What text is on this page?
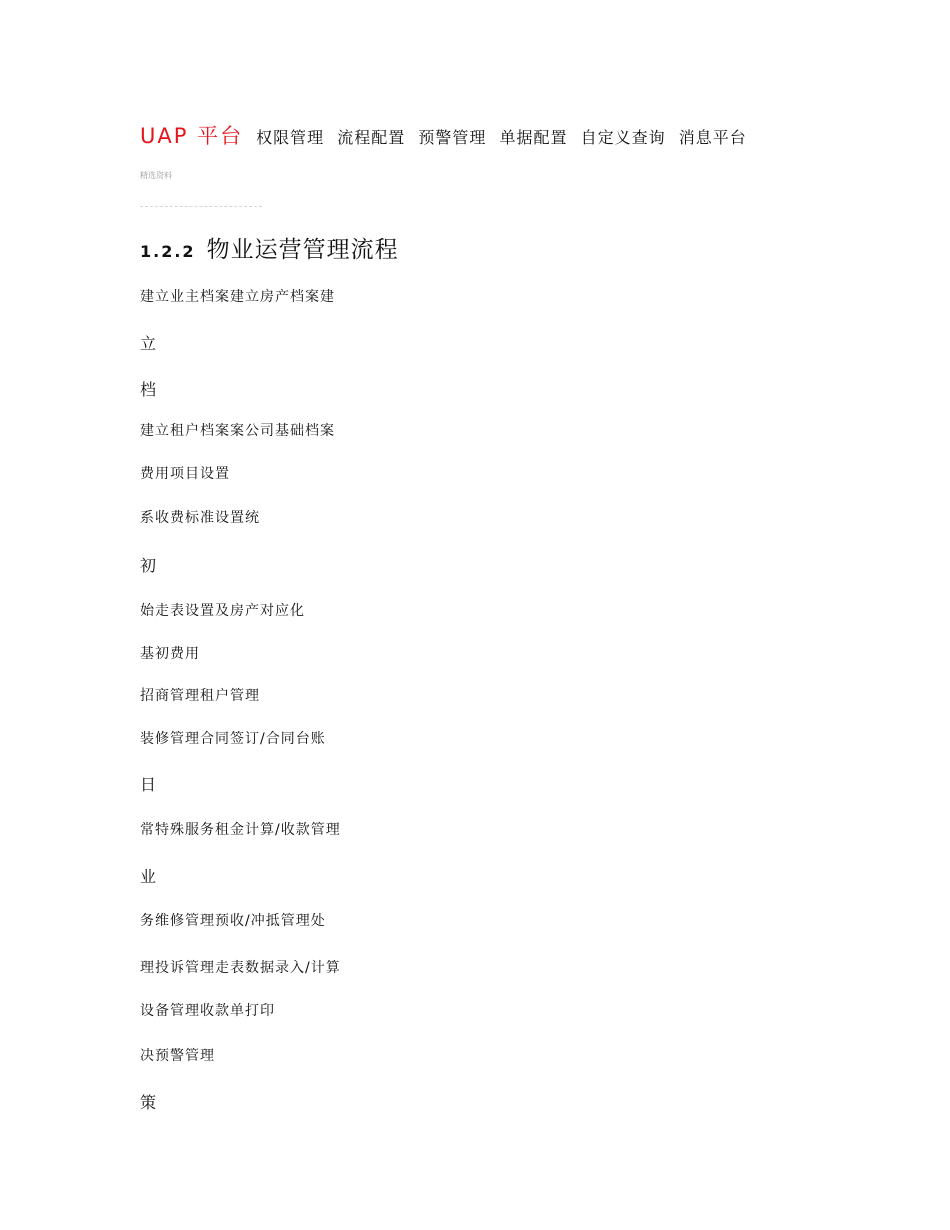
UAP 平台 权限管理 流程配置 预警管理 单据配置 自定义查询 消息平台
精选资料
1.2.2 物业运营管理流程
建立业主档案建立房产档案建
立
档
建立租户档案案公司基础档案
费用项目设置
系收费标准设置统
初
始走表设置及房产对应化
基初费用
招商管理租户管理
装修管理合同签订/合同台账
日
常特殊服务租金计算/收款管理
业
务维修管理预收/冲抵管理处
理投诉管理走表数据录入/计算
设备管理收款单打印
决预警管理
策
